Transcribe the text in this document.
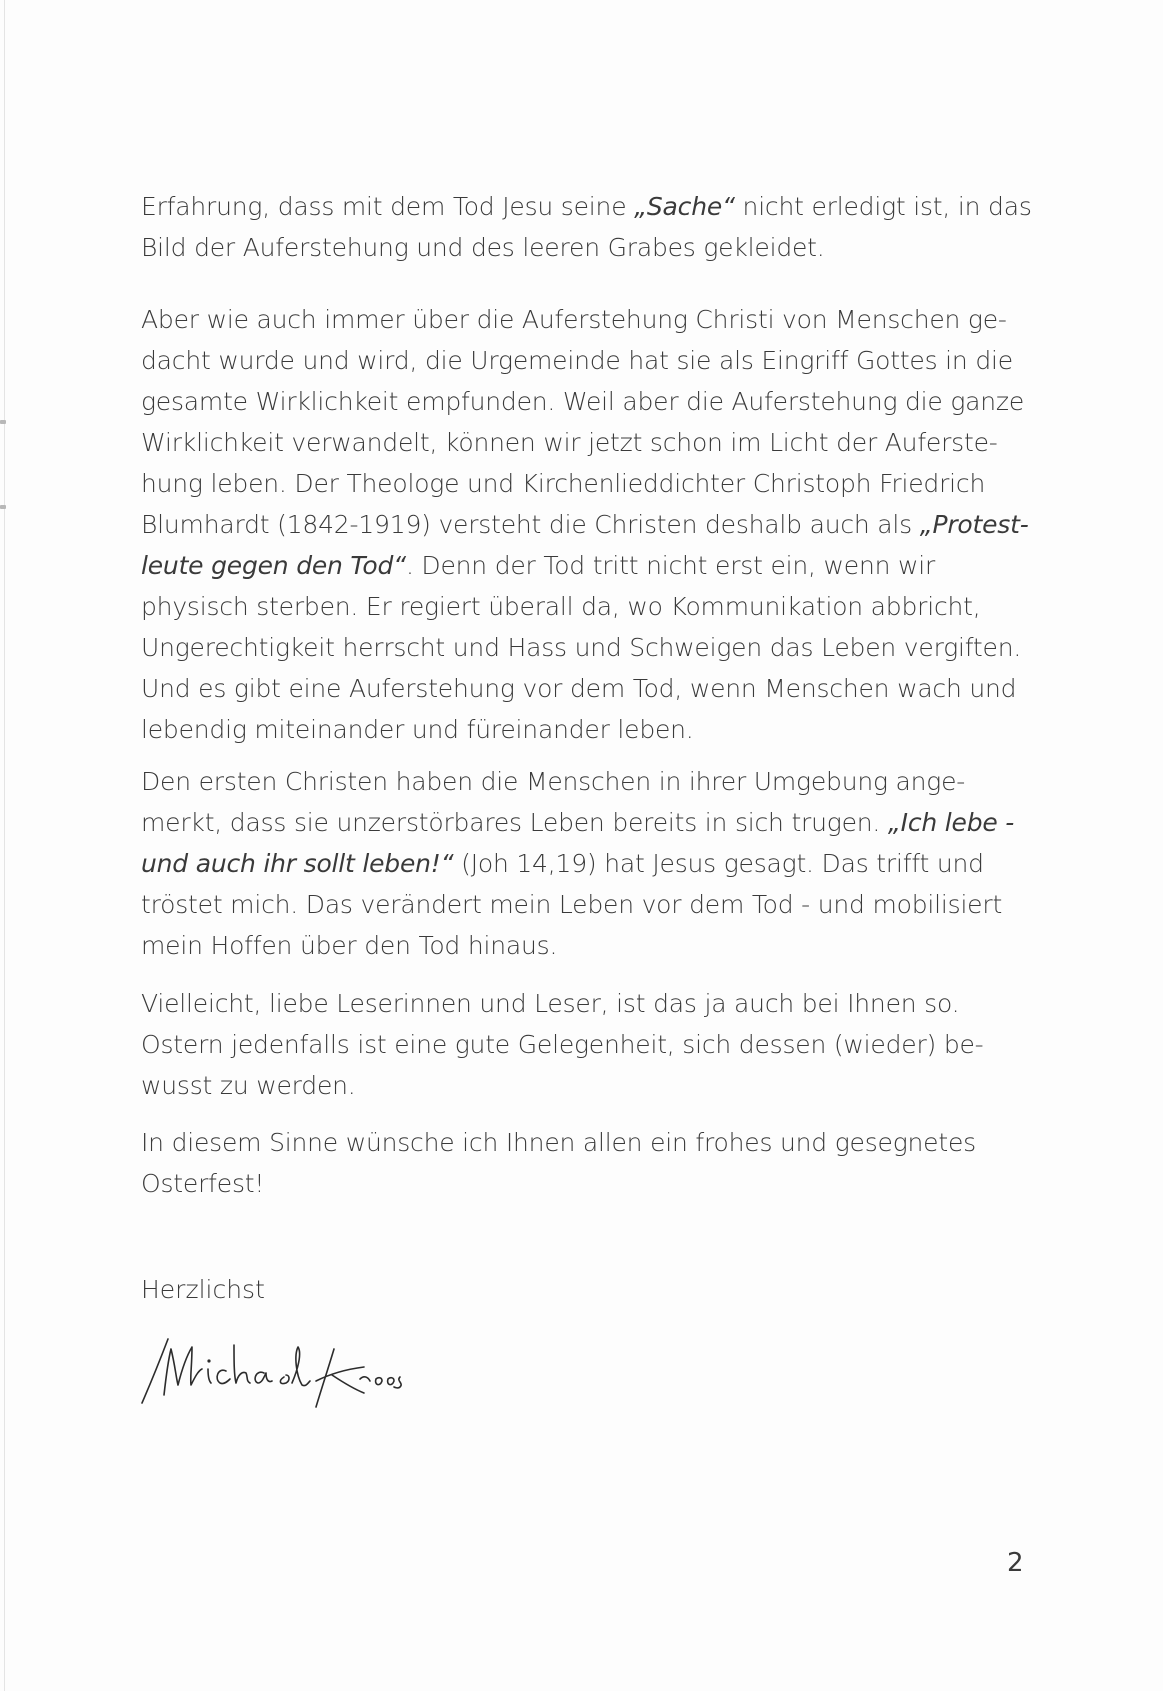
Erfahrung, dass mit dem Tod Jesu seine „Sache“ nicht erledigt ist, in das
Bild der Auferstehung und des leeren Grabes gekleidet.

Aber wie auch immer über die Auferstehung Christi von Menschen ge-
dacht wurde und wird, die Urgemeinde hat sie als Eingriff Gottes in die
gesamte Wirklichkeit empfunden. Weil aber die Auferstehung die ganze
Wirklichkeit verwandelt, können wir jetzt schon im Licht der Auferste-
hung leben. Der Theologe und Kirchenlieddichter Christoph Friedrich
Blumhardt (1842-1919) versteht die Christen deshalb auch als „Protest-
leute gegen den Tod“. Denn der Tod tritt nicht erst ein, wenn wir
physisch sterben. Er regiert überall da, wo Kommunikation abbricht,
Ungerechtigkeit herrscht und Hass und Schweigen das Leben vergiften.
Und es gibt eine Auferstehung vor dem Tod, wenn Menschen wach und
lebendig miteinander und füreinander leben.

Den ersten Christen haben die Menschen in ihrer Umgebung ange-
merkt, dass sie unzerstörbares Leben bereits in sich trugen. „Ich lebe -
und auch ihr sollt leben!“ (Joh 14,19) hat Jesus gesagt. Das trifft und
tröstet mich. Das verändert mein Leben vor dem Tod - und mobilisiert
mein Hoffen über den Tod hinaus.

Vielleicht, liebe Leserinnen und Leser, ist das ja auch bei Ihnen so.
Ostern jedenfalls ist eine gute Gelegenheit, sich dessen (wieder) be-
wusst zu werden.

In diesem Sinne wünsche ich Ihnen allen ein frohes und gesegnetes
Osterfest!

Herzlichst
2
